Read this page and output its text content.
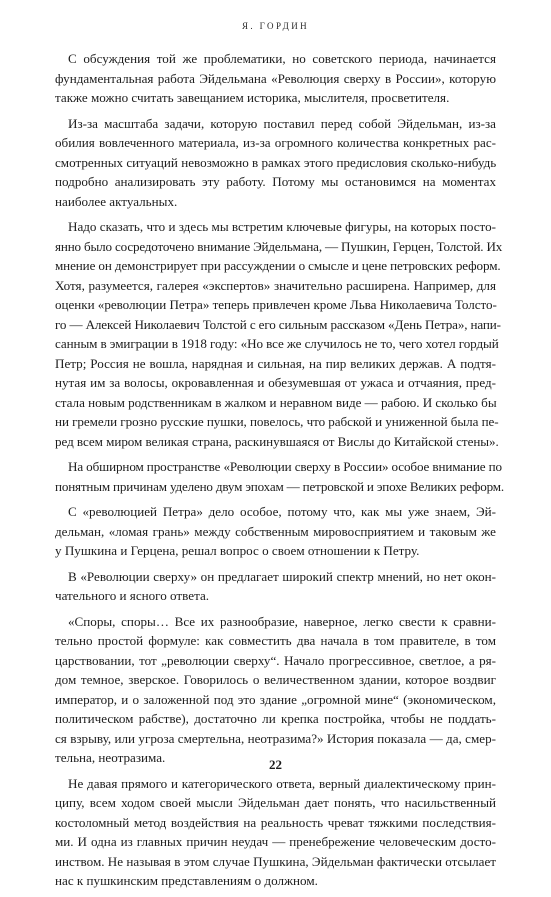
Я. ГОРДИН

С обсуждения той же проблематики, но советского периода, начинается
фундаментальная работа Эйдельмана «Революция сверху в России», которую
также можно считать завещанием историка, мыслителя, просветителя.

Из-за масштаба задачи, которую поставил перед собой Эйдельман, из-за
обилия вовлеченного материала, из-за огромного количества конкретных рас-
смотренных ситуаций невозможно в рамках этого предисловия сколько-нибудь
подробно анализировать эту работу. Потому мы остановимся на моментах
наиболее актуальных.

Надо сказать, что и здесь мы встретим ключевые фигуры, на которых посто-
янно было сосредоточено внимание Эйдельмана, — Пушкин, Герцен, Толстой. Их
мнение он демонстрирует при рассуждении о смысле и цене петровских реформ.
Хотя, разумеется, галерея «экспертов» значительно расширена. Например, для
оценки «революции Петра» теперь привлечен кроме Льва Николаевича Толсто-
го — Алексей Николаевич Толстой с его сильным рассказом «День Петра», напи-
санным в эмиграции в 1918 году: «Но все же случилось не то, чего хотел гордый
Петр; Россия не вошла, нарядная и сильная, на пир великих держав. А подтя-
нутая им за волосы, окровавленная и обезумевшая от ужаса и отчаяния, пред-
стала новым родственникам в жалком и неравном виде — рабою. И сколько бы
ни гремели грозно русские пушки, повелось, что рабской и униженной была пе-
ред всем миром великая страна, раскинувшаяся от Вислы до Китайской стены».

На обширном пространстве «Революции сверху в России» особое внимание по
понятным причинам уделено двум эпохам — петровской и эпохе Великих реформ.

С «революцией Петра» дело особое, потому что, как мы уже знаем, Эй-
дельман, «ломая грань» между собственным мировосприятием и таковым же
у Пушкина и Герцена, решал вопрос о своем отношении к Петру.

В «Революции сверху» он предлагает широкий спектр мнений, но нет окон-
чательного и ясного ответа.

«Споры, споры… Все их разнообразие, наверное, легко свести к сравни-
тельно простой формуле: как совместить два начала в том правителе, в том
царствовании, тот „революции сверху“. Начало прогрессивное, светлое, а ря-
дом темное, зверское. Говорилось о величественном здании, которое воздвиг
император, и о заложенной под это здание „огромной мине“ (экономическом,
политическом рабстве), достаточно ли крепка постройка, чтобы не поддать-
ся взрыву, или угроза смертельна, неотразима?» История показала — да, смер-
тельна, неотразима.

Не давая прямого и категорического ответа, верный диалектическому прин-
ципу, всем ходом своей мысли Эйдельман дает понять, что насильственный
костоломный метод воздействия на реальность чреват тяжкими последствия-
ми. И одна из главных причин неудач — пренебрежение человеческим досто-
инством. Не называя в этом случае Пушкина, Эйдельман фактически отсылает
нас к пушкинским представлениям о должном.

22
